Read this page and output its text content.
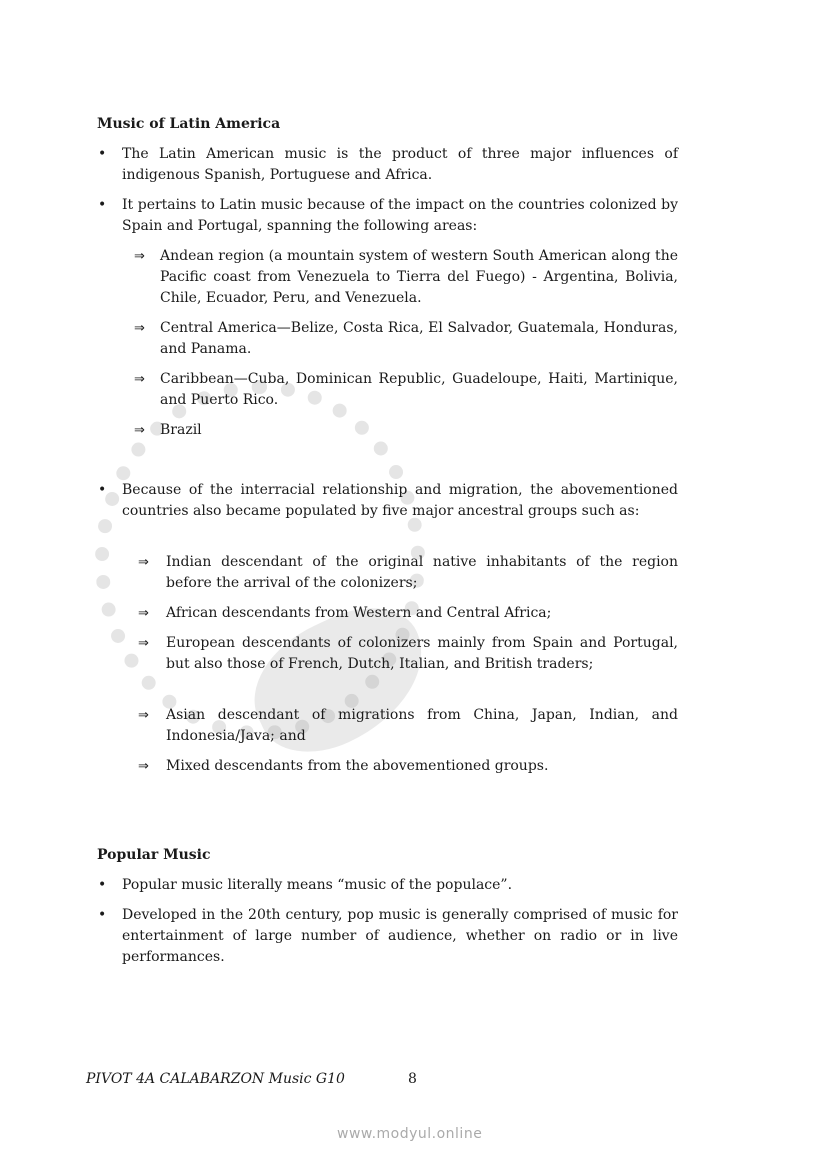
Music of Latin America
• The Latin American music is the product of three major influences of indigenous Spanish, Portuguese and Africa.
• It pertains to Latin music because of the impact on the countries colonized by Spain and Portugal, spanning the following areas:
⇒ Andean region (a mountain system of western South American along the Pacific coast from Venezuela to Tierra del Fuego) - Argentina, Bolivia, Chile, Ecuador, Peru, and Venezuela.
⇒ Central America—Belize, Costa Rica, El Salvador, Guatemala, Honduras, and Panama.
⇒ Caribbean—Cuba, Dominican Republic, Guadeloupe, Haiti, Martinique, and Puerto Rico.
⇒ Brazil
• Because of the interracial relationship and migration, the abovementioned countries also became populated by five major ancestral groups such as:
⇒ Indian descendant of the original native inhabitants of the region before the arrival of the colonizers;
⇒ African descendants from Western and Central Africa;
⇒ European descendants of colonizers mainly from Spain and Portugal, but also those of French, Dutch, Italian, and British traders;
⇒ Asian descendant of migrations from China, Japan, Indian, and Indonesia/Java; and
⇒ Mixed descendants from the abovementioned groups.
Popular Music
• Popular music literally means “music of the populace”.
• Developed in the 20th century, pop music is generally comprised of music for entertainment of large number of audience, whether on radio or in live performances.
PIVOT 4A CALABARZON Music G10	8
www.modyul.online
